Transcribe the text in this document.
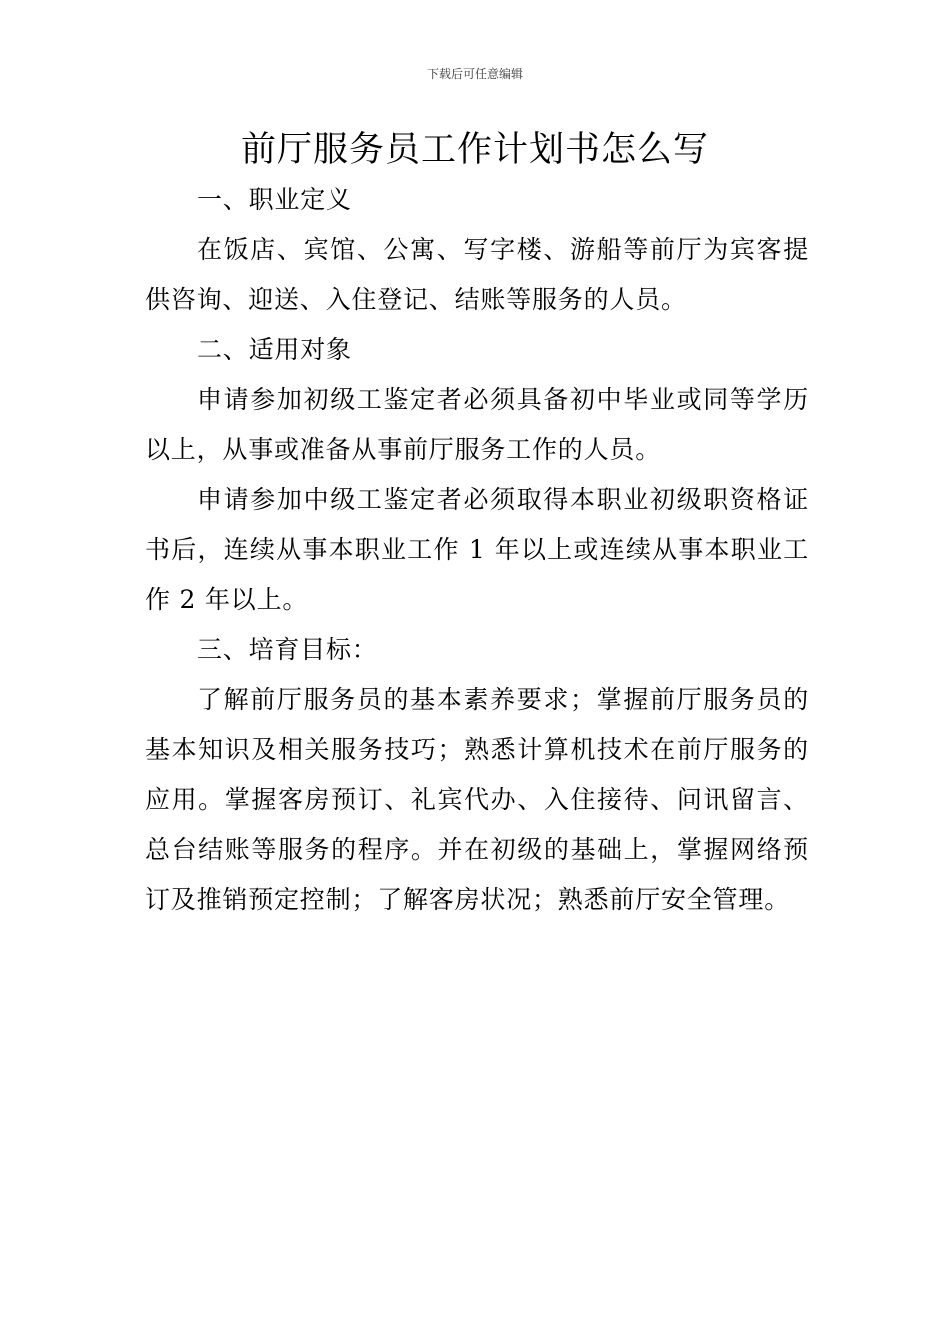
下载后可任意编辑
前厅服务员工作计划书怎么写

一、职业定义

在饭店、宾馆、公寓、写字楼、游船等前厅为宾客提供咨询、迎送、入住登记、结账等服务的人员。

二、适用对象

申请参加初级工鉴定者必须具备初中毕业或同等学历以上，从事或准备从事前厅服务工作的人员。

申请参加中级工鉴定者必须取得本职业初级职资格证书后，连续从事本职业工作 1 年以上或连续从事本职业工作 2 年以上。

三、培育目标：

了解前厅服务员的基本素养要求；掌握前厅服务员的基本知识及相关服务技巧；熟悉计算机技术在前厅服务的应用。掌握客房预订、礼宾代办、入住接待、问讯留言、总台结账等服务的程序。并在初级的基础上，掌握网络预订及推销预定控制；了解客房状况；熟悉前厅安全管理。
